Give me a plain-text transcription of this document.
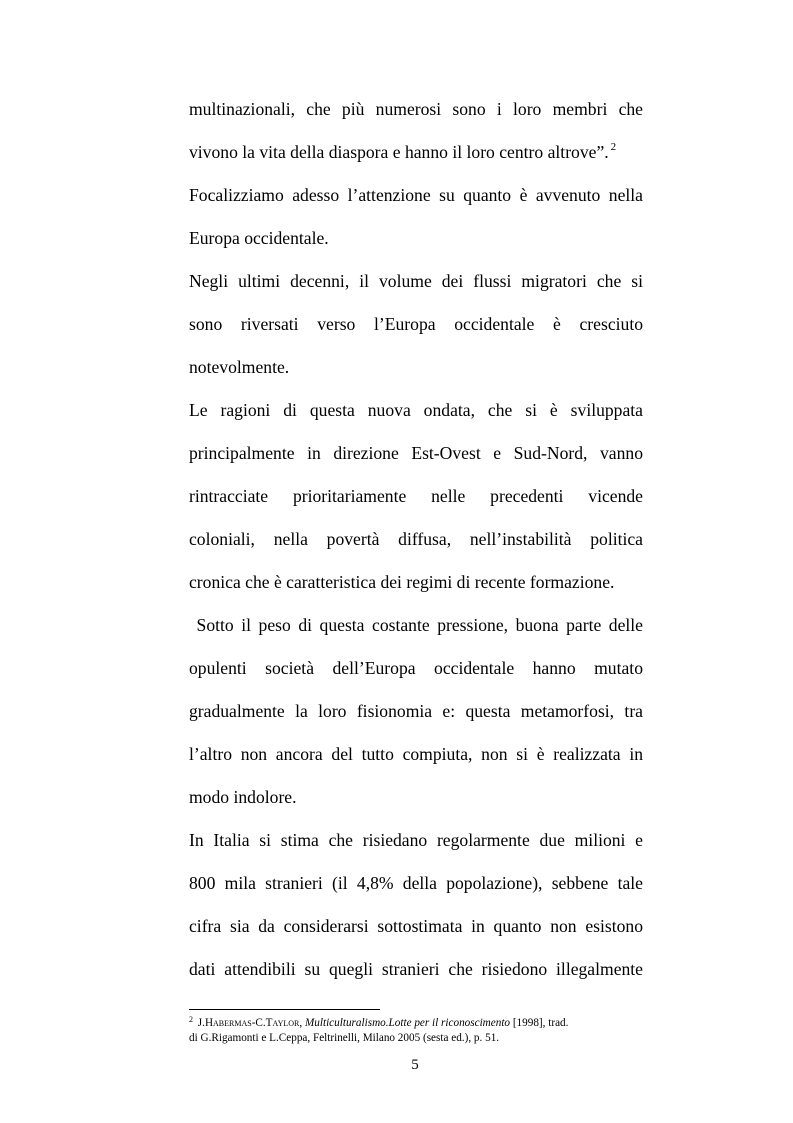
multinazionali, che più numerosi sono i loro membri che
vivono la vita della diaspora e hanno il loro centro altrove”. $^2$
Focalizziamo adesso l’attenzione su quanto è avvenuto nella
Europa occidentale.
Negli ultimi decenni, il volume dei flussi migratori che si
sono riversati verso l’Europa occidentale è cresciuto
notevolmente.
Le ragioni di questa nuova ondata, che si è sviluppata
principalmente in direzione Est-Ovest e Sud-Nord, vanno
rintracciate prioritariamente nelle precedenti vicende
coloniali, nella povertà diffusa, nell’instabilità politica
cronica che è caratteristica dei regimi di recente formazione.
Sotto il peso di questa costante pressione, buona parte delle
opulenti società dell’Europa occidentale hanno mutato
gradualmente la loro fisionomia e: questa metamorfosi, tra
l’altro non ancora del tutto compiuta, non si è realizzata in
modo indolore.
In Italia si stima che risiedano regolarmente due milioni e
800 mila stranieri (il 4,8% della popolazione), sebbene tale
cifra sia da considerarsi sottostimata in quanto non esistono
dati attendibili su quegli stranieri che risiedono illegalmente
$^2$ J.Habermas-C.Taylor, Multiculturalismo.Lotte per il riconoscimento [1998], trad.
di G.Rigamonti e L.Ceppa, Feltrinelli, Milano 2005 (sesta ed.), p. 51.
5
